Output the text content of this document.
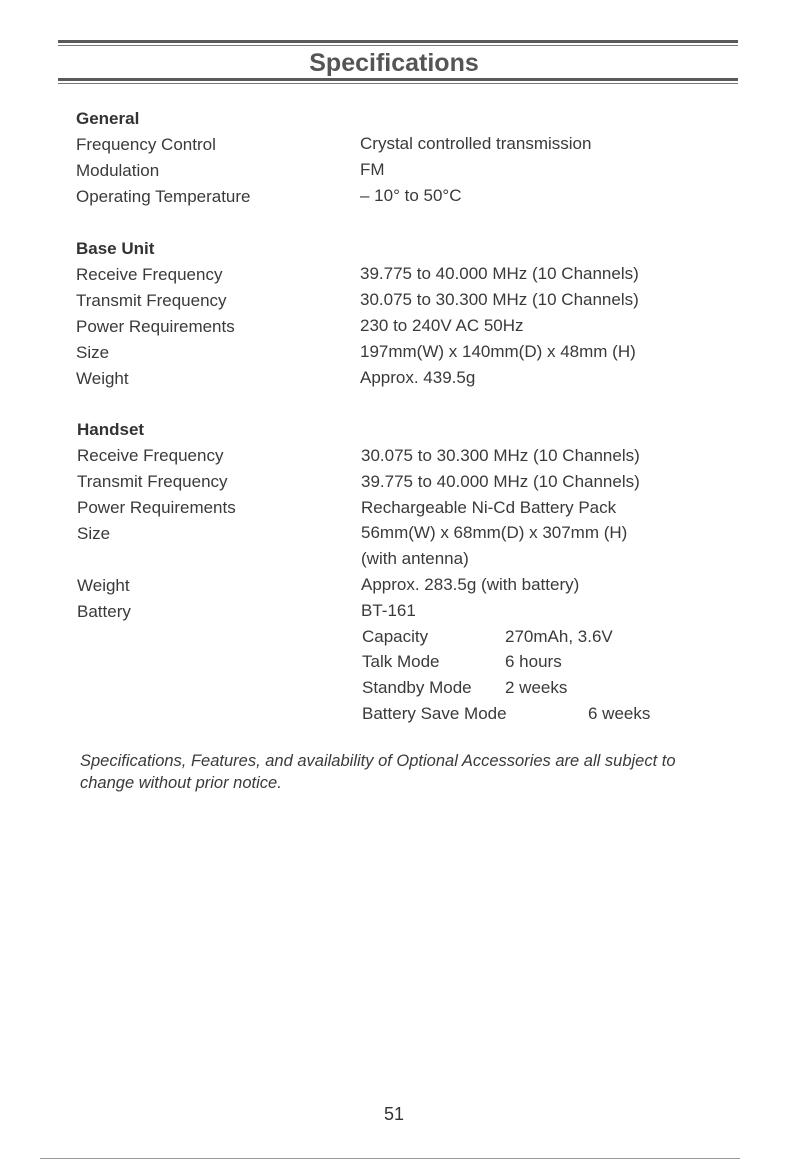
Specifications
General
Frequency Control	Crystal controlled transmission
Modulation	FM
Operating Temperature	– 10° to 50°C
Base Unit
Receive Frequency	39.775 to 40.000 MHz (10 Channels)
Transmit Frequency	30.075 to 30.300 MHz (10 Channels)
Power Requirements	230 to 240V AC 50Hz
Size	197mm(W) x 140mm(D) x 48mm (H)
Weight	Approx. 439.5g
Handset
Receive Frequency	30.075 to 30.300 MHz (10 Channels)
Transmit Frequency	39.775 to 40.000 MHz (10 Channels)
Power Requirements	Rechargeable Ni-Cd Battery Pack
Size	56mm(W) x 68mm(D) x 307mm (H)
(with antenna)
Weight	Approx. 283.5g (with battery)
Battery	BT-161
Capacity	270mAh, 3.6V
Talk Mode	6 hours
Standby Mode 2 weeks
Battery Save Mode	6 weeks
Specifications, Features, and availability of Optional Accessories are all subject to change without prior notice.
51
